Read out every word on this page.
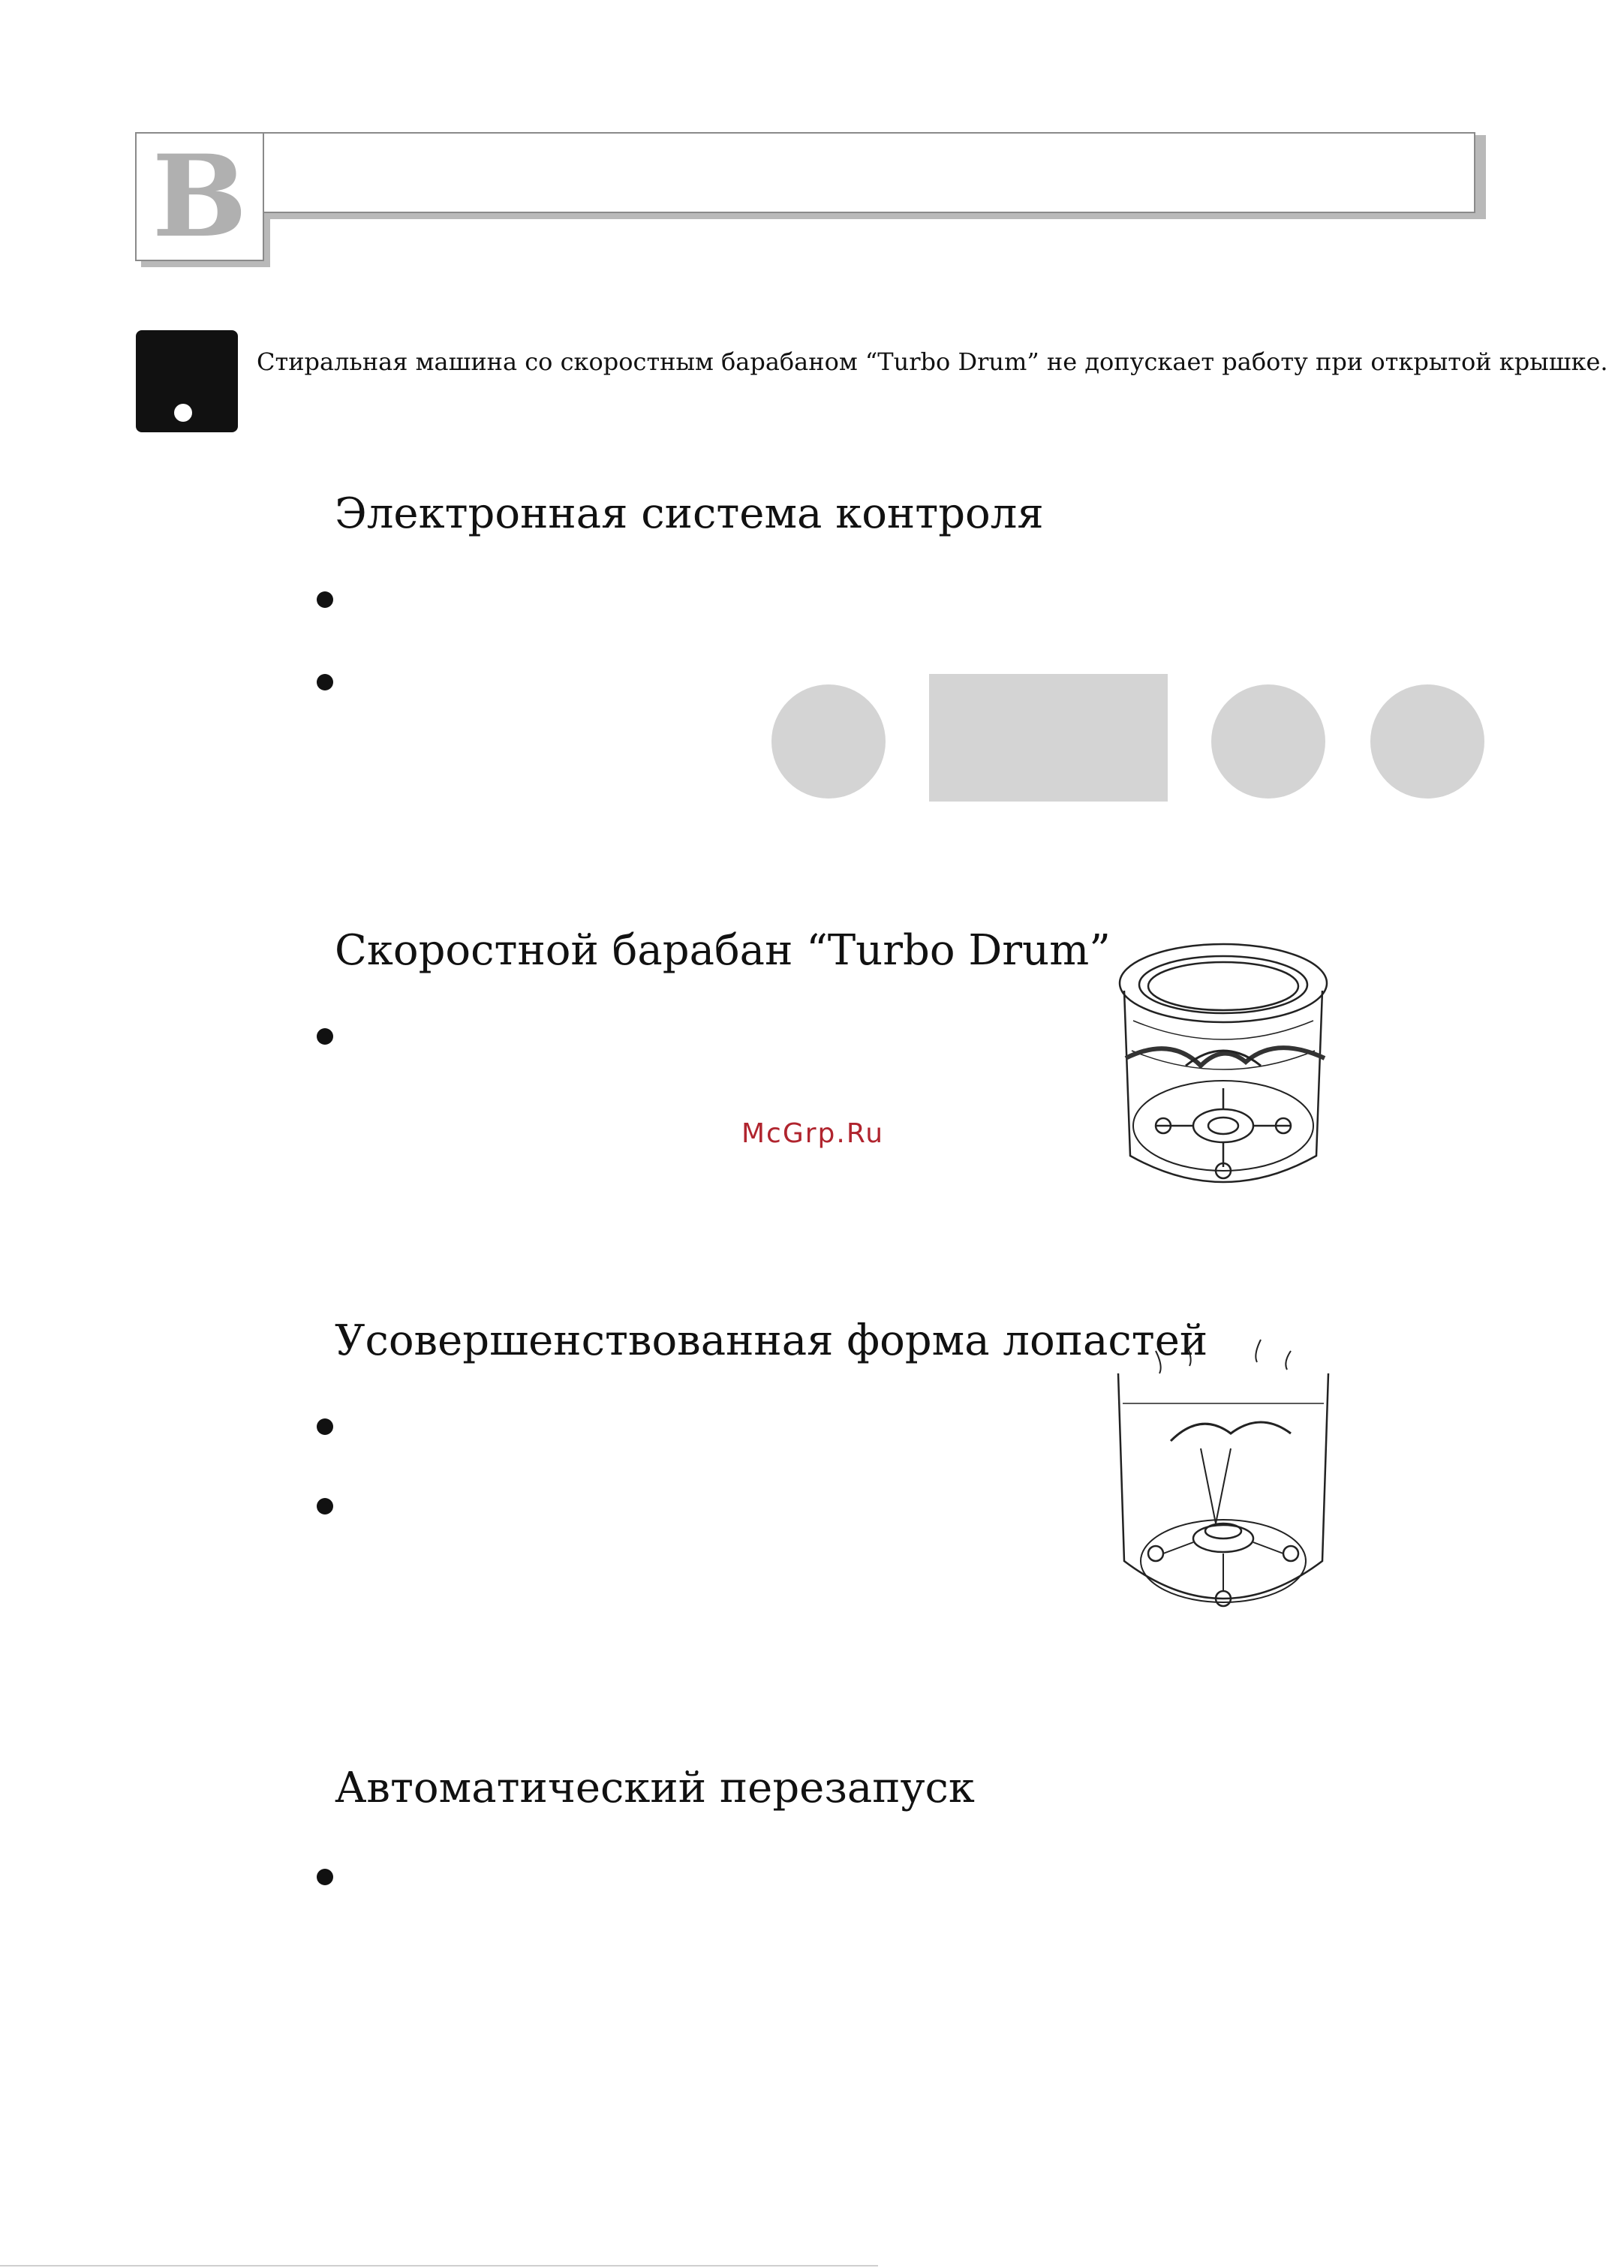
B
Стиральная машина со скоростным барабаном “Turbo Drum” не допускает работу при открытой крышке.
Электронная система контроля
Скоростной барабан “Turbo Drum”
McGrp.Ru
Усовершенствованная форма лопастей
Автоматический перезапуск
